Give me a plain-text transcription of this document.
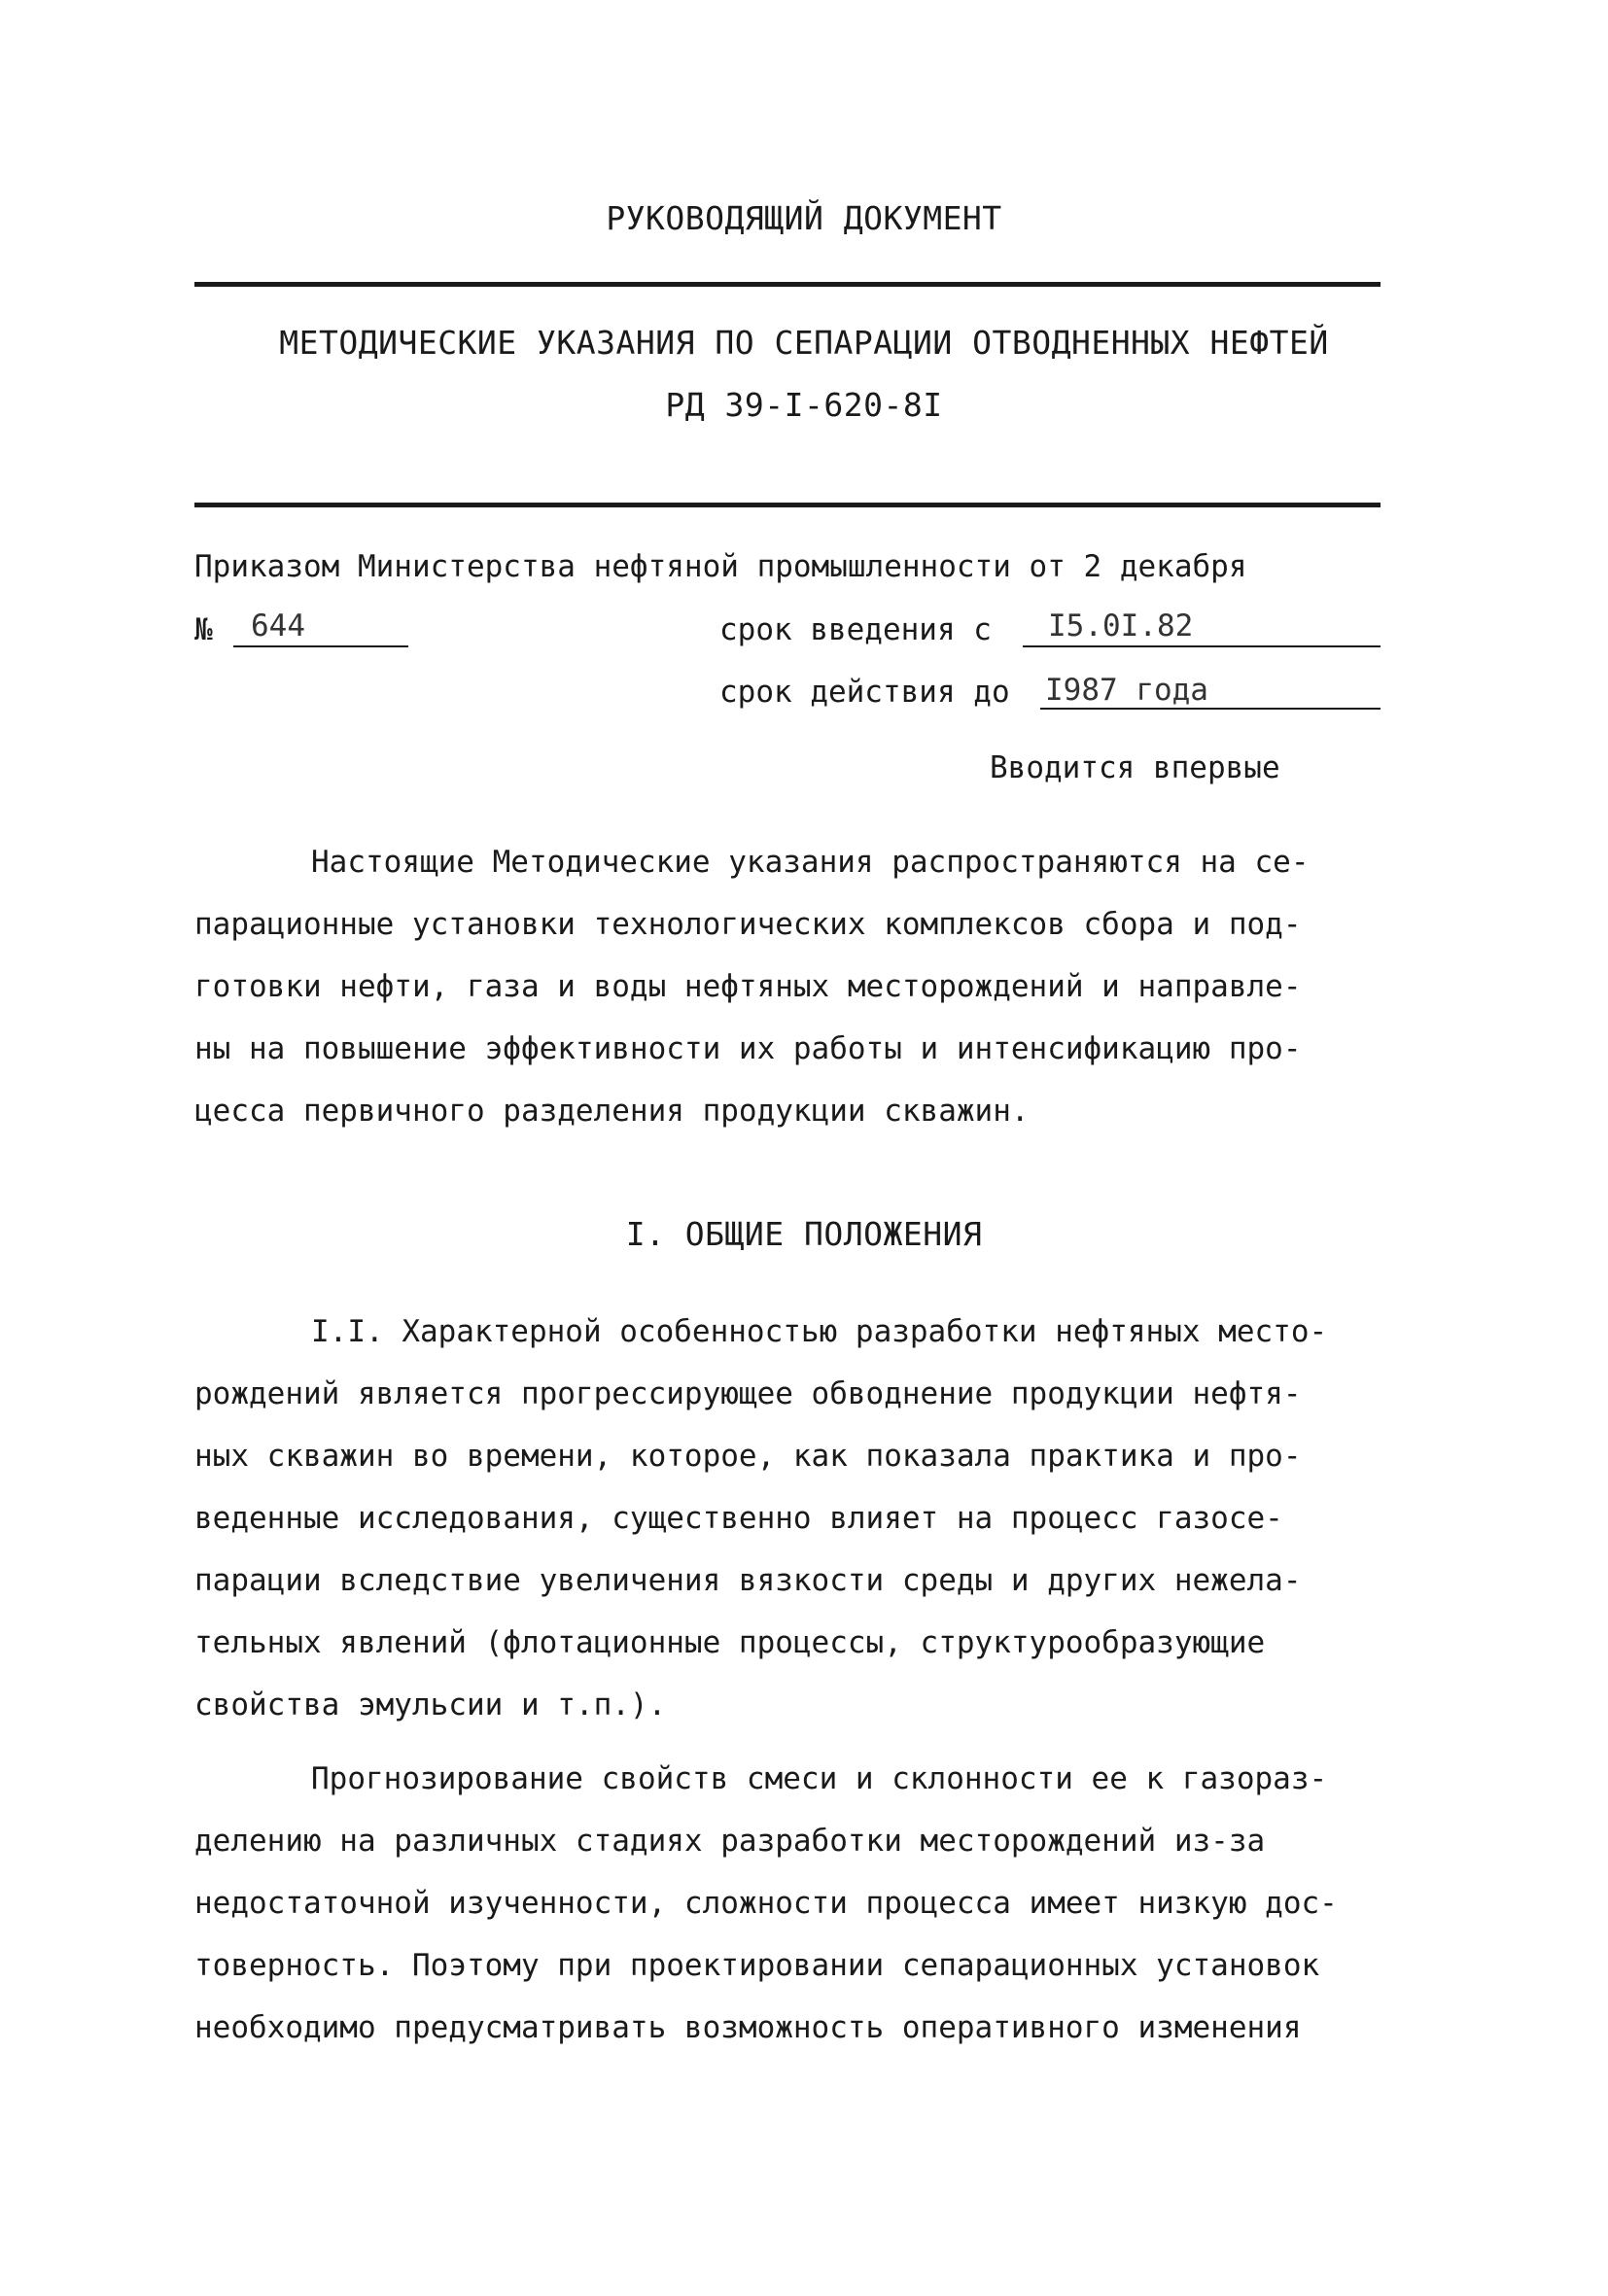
РУКОВОДЯЩИЙ ДОКУМЕНТ
МЕТОДИЧЕСКИЕ УКАЗАНИЯ ПО СЕПАРАЦИИ ОТВОДНЕННЫХ НЕФТЕЙ
РД 39-I-620-8I
Приказом Министерства нефтяной промышленности от 2 декабря
№ 644	срок введения с I5.0I.82
срок действия до I987 года
Вводится впервые
Настоящие Методические указания распространяются на се-
парационные установки технологических комплексов сбора и под-
готовки нефти, газа и воды нефтяных месторождений и направле-
ны на повышение эффективности их работы и интенсификацию про-
цесса первичного разделения продукции скважин.
I. ОБЩИЕ ПОЛОЖЕНИЯ
I.I. Характерной особенностью разработки нефтяных место-
рождений является прогрессирующее обводнение продукции нефтя-
ных скважин во времени, которое, как показала практика и про-
веденные исследования, существенно влияет на процесс газосе-
парации вследствие увеличения вязкости среды и других нежела-
тельных явлений (флотационные процессы, структурообразующие
свойства эмульсии и т.п.).
Прогнозирование свойств смеси и склонности ее к газораз-
делению на различных стадиях разработки месторождений из-за
недостаточной изученности, сложности процесса имеет низкую дос-
товерность. Поэтому при проектировании сепарационных установок
необходимо предусматривать возможность оперативного изменения
